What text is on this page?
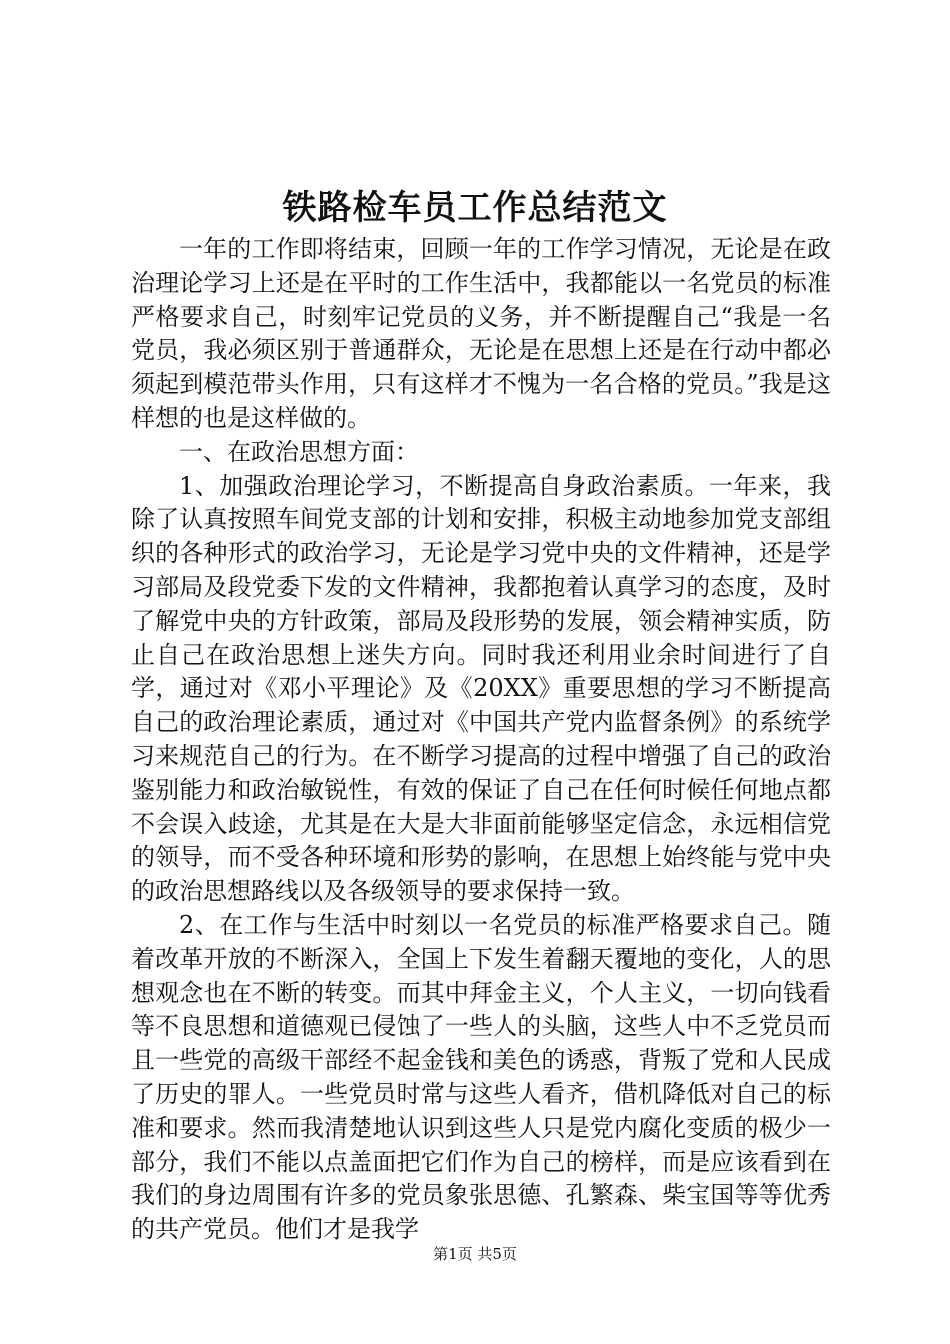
铁路检车员工作总结范文

一年的工作即将结束，回顾一年的工作学习情况，无论是在政治理论学习上还是在平时的工作生活中，我都能以一名党员的标准严格要求自己，时刻牢记党员的义务，并不断提醒自己“我是一名党员，我必须区别于普通群众，无论是在思想上还是在行动中都必须起到模范带头作用，只有这样才不愧为一名合格的党员。”我是这样想的也是这样做的。

一、在政治思想方面：

1、加强政治理论学习，不断提高自身政治素质。一年来，我除了认真按照车间党支部的计划和安排，积极主动地参加党支部组织的各种形式的政治学习，无论是学习党中央的文件精神，还是学习部局及段党委下发的文件精神，我都抱着认真学习的态度，及时了解党中央的方针政策，部局及段形势的发展，领会精神实质，防止自己在政治思想上迷失方向。同时我还利用业余时间进行了自学，通过对《邓小平理论》及《20XX》重要思想的学习不断提高自己的政治理论素质，通过对《中国共产党内监督条例》的系统学习来规范自己的行为。在不断学习提高的过程中增强了自己的政治鉴别能力和政治敏锐性，有效的保证了自己在任何时候任何地点都不会误入歧途，尤其是在大是大非面前能够坚定信念，永远相信党的领导，而不受各种环境和形势的影响，在思想上始终能与党中央的政治思想路线以及各级领导的要求保持一致。

2、在工作与生活中时刻以一名党员的标准严格要求自己。随着改革开放的不断深入，全国上下发生着翻天覆地的变化，人的思想观念也在不断的转变。而其中拜金主义，个人主义，一切向钱看等不良思想和道德观已侵蚀了一些人的头脑，这些人中不乏党员而且一些党的高级干部经不起金钱和美色的诱惑，背叛了党和人民成了历史的罪人。一些党员时常与这些人看齐，借机降低对自己的标准和要求。然而我清楚地认识到这些人只是党内腐化变质的极少一部分，我们不能以点盖面把它们作为自己的榜样，而是应该看到在我们的身边周围有许多的党员象张思德、孔繁森、柴宝国等等优秀的共产党员。他们才是我学

第1页 共5页
